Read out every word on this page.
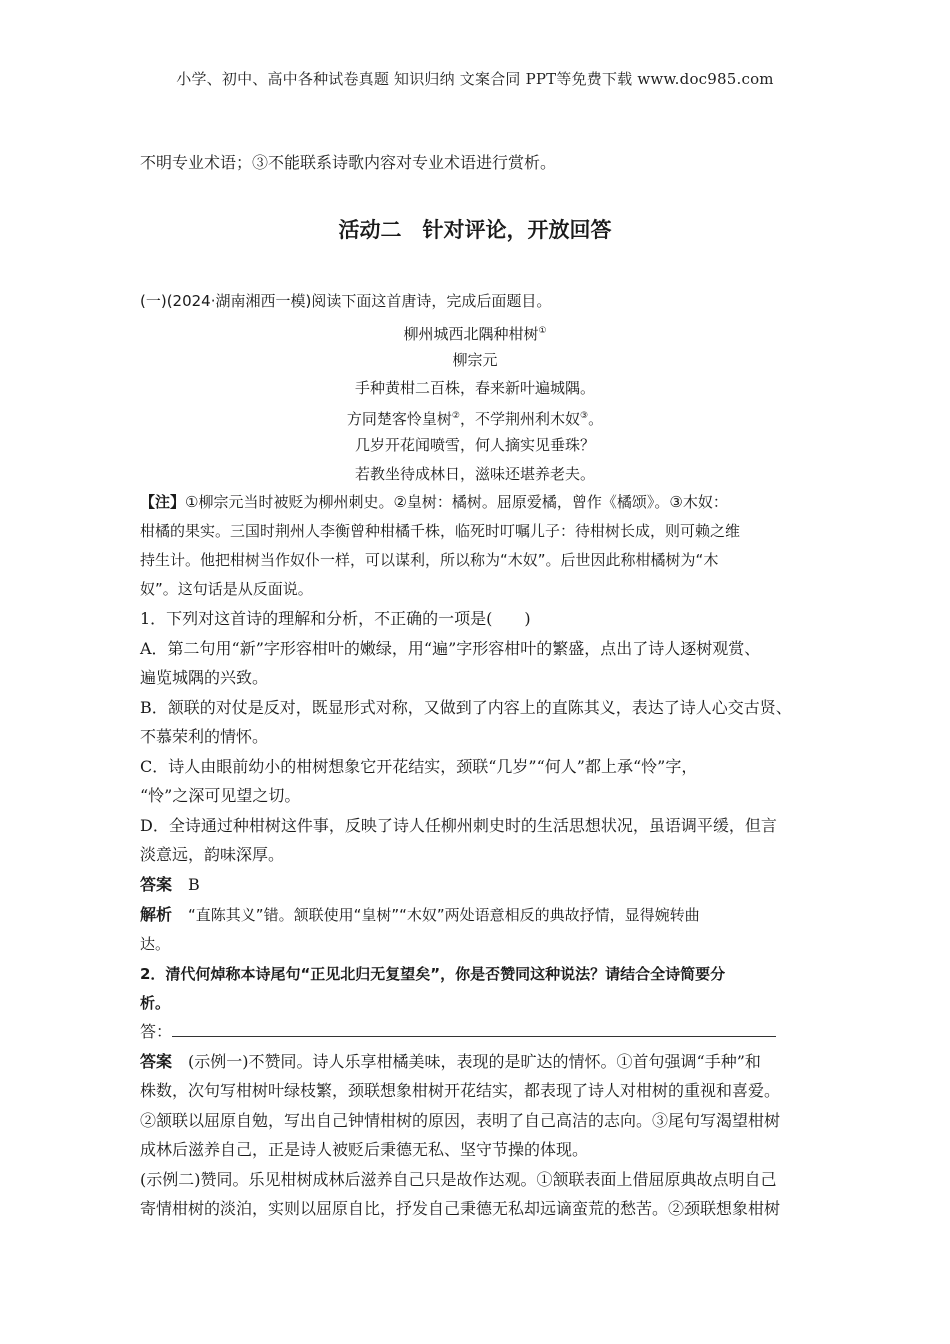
小学、初中、高中各种试卷真题 知识归纳 文案合同 PPT等免费下载 www.doc985.com
不明专业术语；③不能联系诗歌内容对专业术语进行赏析。
活动二　针对评论，开放回答
(一)(2024·湖南湘西一模)阅读下面这首唐诗，完成后面题目。
柳州城西北隅种柑树①
柳宗元
手种黄柑二百株，春来新叶遍城隅。
方同楚客怜皇树②，不学荆州利木奴③。
几岁开花闻喷雪，何人摘实见垂珠？
若教坐待成林日，滋味还堪养老夫。
【注】①柳宗元当时被贬为柳州刺史。②皇树：橘树。屈原爱橘，曾作《橘颂》。③木奴：
柑橘的果实。三国时荆州人李衡曾种柑橘千株，临死时叮嘱儿子：待柑树长成，则可赖之维
持生计。他把柑树当作奴仆一样，可以谋利，所以称为“木奴”。后世因此称柑橘树为“木
奴”。这句话是从反面说。
1．下列对这首诗的理解和分析，不正确的一项是(　　)
A．第二句用“新”字形容柑叶的嫩绿，用“遍”字形容柑叶的繁盛，点出了诗人逐树观赏、
遍览城隅的兴致。
B．颔联的对仗是反对，既显形式对称，又做到了内容上的直陈其义，表达了诗人心交古贤、
不慕荣利的情怀。
C．诗人由眼前幼小的柑树想象它开花结实，颈联“几岁”“何人”都上承“怜”字，
“怜”之深可见望之切。
D．全诗通过种柑树这件事，反映了诗人任柳州刺史时的生活思想状况，虽语调平缓，但言
淡意远，韵味深厚。
答案　 B
解析　 “直陈其义”错。颔联使用“皇树”“木奴”两处语意相反的典故抒情，显得婉转曲
达。
2．清代何焯称本诗尾句“正见北归无复望矣”，你是否赞同这种说法？请结合全诗简要分
析。
答：
答案　 (示例一)不赞同。诗人乐享柑橘美味，表现的是旷达的情怀。①首句强调“手种”和
株数，次句写柑树叶绿枝繁，颈联想象柑树开花结实，都表现了诗人对柑树的重视和喜爱。
②颔联以屈原自勉，写出自己钟情柑树的原因，表明了自己高洁的志向。③尾句写渴望柑树
成林后滋养自己，正是诗人被贬后秉德无私、坚守节操的体现。
(示例二)赞同。乐见柑树成林后滋养自己只是故作达观。①颔联表面上借屈原典故点明自己
寄情柑树的淡泊，实则以屈原自比，抒发自己秉德无私却远谪蛮荒的愁苦。②颈联想象柑树
